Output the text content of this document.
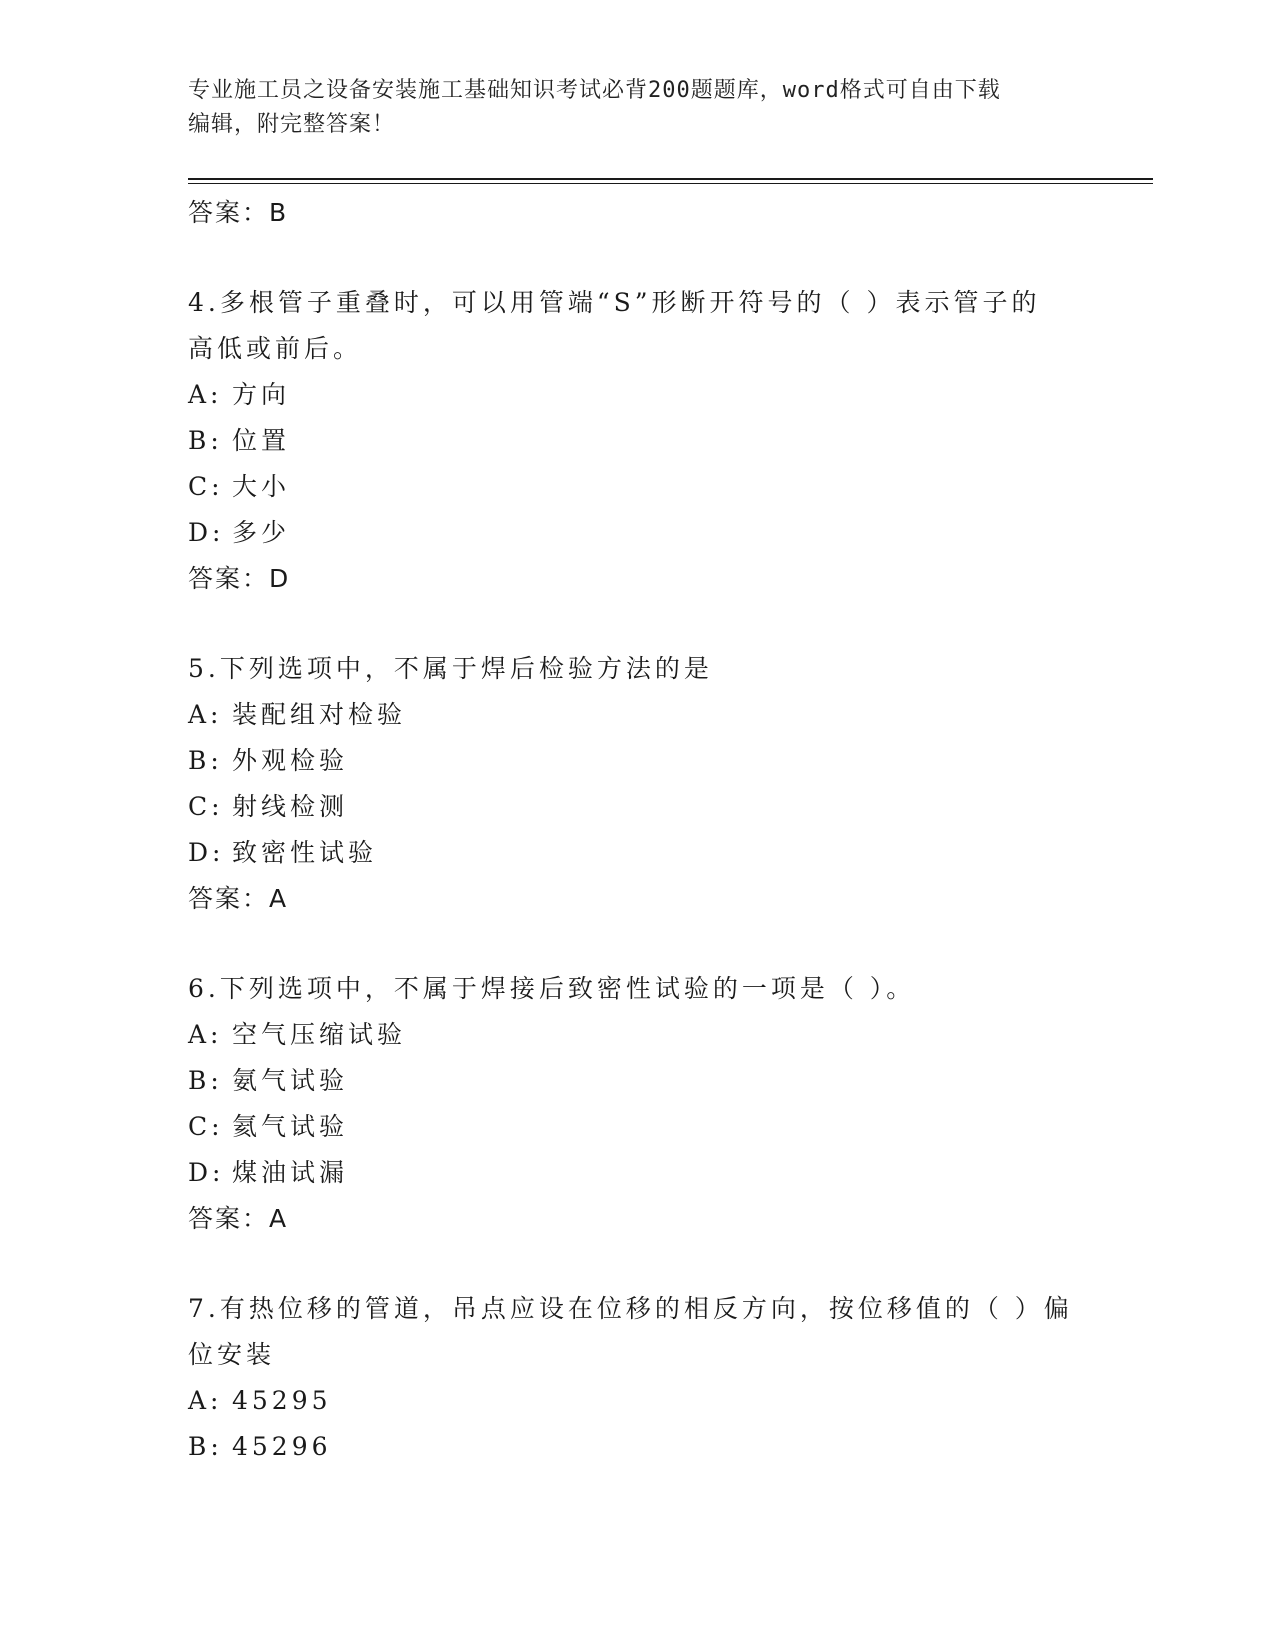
专业施工员之设备安装施工基础知识考试必背200题题库，word格式可自由下载
编辑，附完整答案！
答案：B
4.多根管子重叠时，可以用管端“S”形断开符号的（ ）表示管子的
高低或前后。
A: 方向
B: 位置
C: 大小
D: 多少
答案：D
5.下列选项中，不属于焊后检验方法的是
A: 装配组对检验
B: 外观检验
C: 射线检测
D: 致密性试验
答案：A
6.下列选项中，不属于焊接后致密性试验的一项是（ ）。
A: 空气压缩试验
B: 氨气试验
C: 氦气试验
D: 煤油试漏
答案：A
7.有热位移的管道，吊点应设在位移的相反方向，按位移值的（ ）偏
位安装
A: 45295
B: 45296
